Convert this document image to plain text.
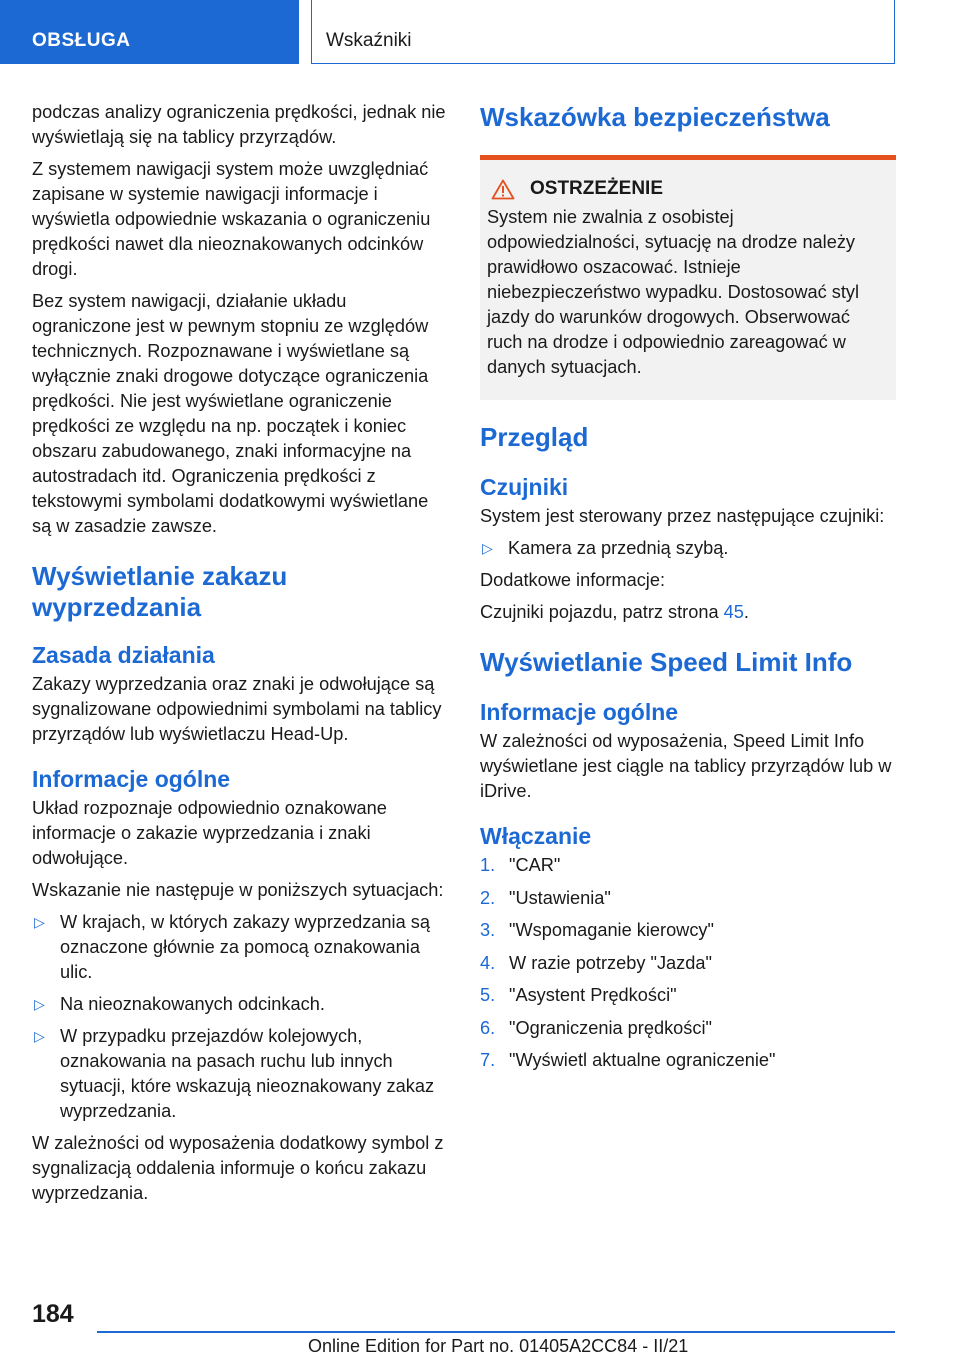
OBSŁUGA	Wskaźniki

podczas analizy ograniczenia prędkości, jednak nie wyświetlają się na tablicy przyrządów.

Z systemem nawigacji system może uwzględniać zapisane w systemie nawigacji informacje i wyświetla odpowiednie wskazania o ograniczeniu prędkości nawet dla nieoznakowanych odcinków drogi.

Bez system nawigacji, działanie układu ograniczone jest w pewnym stopniu ze względów technicznych. Rozpoznawane i wyświetlane są wyłącznie znaki drogowe dotyczące ograniczenia prędkości. Nie jest wyświetlane ograniczenie prędkości ze względu na np. początek i koniec obszaru zabudowanego, znaki informacyjne na autostradach itd. Ograniczenia prędkości z tekstowymi symbolami dodatkowymi wyświetlane są w zasadzie zawsze.

Wyświetlanie zakazu wyprzedzania
Zasada działania

Zakazy wyprzedzania oraz znaki je odwołujące są sygnalizowane odpowiednimi symbolami na tablicy przyrządów lub wyświetlaczu Head-Up.

Informacje ogólne

Układ rozpoznaje odpowiednio oznakowane informacje o zakazie wyprzedzania i znaki odwołujące.

Wskazanie nie następuje w poniższych sytuacjach:

▷ W krajach, w których zakazy wyprzedzania są oznaczone głównie za pomocą oznakowania ulic.
▷ Na nieoznakowanych odcinkach.
▷ W przypadku przejazdów kolejowych, oznakowania na pasach ruchu lub innych sytuacji, które wskazują nieoznakowany zakaz wyprzedzania.

W zależności od wyposażenia dodatkowy symbol z sygnalizacją oddalenia informuje o końcu zakazu wyprzedzania.

Wskazówka bezpieczeństwa
OSTRZEŻENIE

System nie zwalnia z osobistej odpowiedzialności, sytuację na drodze należy prawidłowo oszacować. Istnieje niebezpieczeństwo wypadku. Dostosować styl jazdy do warunków drogowych. Obserwować ruch na drodze i odpowiednio zareagować w danych sytuacjach.

Przegląd
Czujniki

System jest sterowany przez następujące czujniki:

▷ Kamera za przednią szybą.

Dodatkowe informacje:

Czujniki pojazdu, patrz strona 45.

Wyświetlanie Speed Limit Info
Informacje ogólne

W zależności od wyposażenia, Speed Limit Info wyświetlane jest ciągle na tablicy przyrządów lub w iDrive.

Włączanie
1. "CAR"
2. "Ustawienia"
3. "Wspomaganie kierowcy"
4. W razie potrzeby "Jazda"
5. "Asystent Prędkości"
6. "Ograniczenia prędkości"
7. "Wyświetl aktualne ograniczenie"
184
Online Edition for Part no. 01405A2CC84 - II/21
